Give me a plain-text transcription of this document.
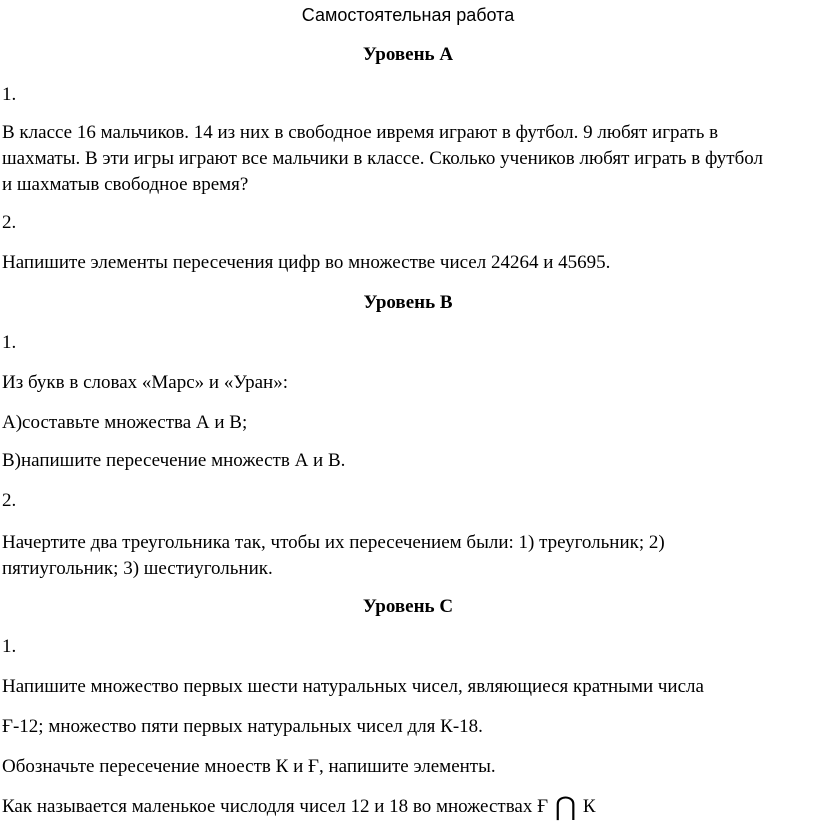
Самостоятельная работа
Уровень А
1.
В классе 16 мальчиков. 14 из них в свободное ивремя играют в футбол. 9 любят играть в
шахматы. В эти игры играют все мальчики в классе. Сколько учеников любят играть в футбол
и шахматыв свободное время?
2.
Напишите элементы пересечения цифр во множестве чисел 24264 и 45695.
Уровень В
1.
Из букв в словах «Марс» и «Уран»:
А)составьте множества А и В;
В)напишите пересечение множеств А и В.
2.
Начертите два треугольника так, чтобы их пересечением были: 1) треугольник; 2)
пятиугольник; 3) шестиугольник.
Уровень С
1.
Напишите множество первых шести натуральных чисел, являющиеся кратными числа
Ғ-12; множество пяти первых натуральных чисел для К-18.
Обозначьте пересечение мноеств К и Ғ, напишите элементы.
Как называется маленькое числодля чисел 12 и 18 во множествах Ғ ⋂ К
